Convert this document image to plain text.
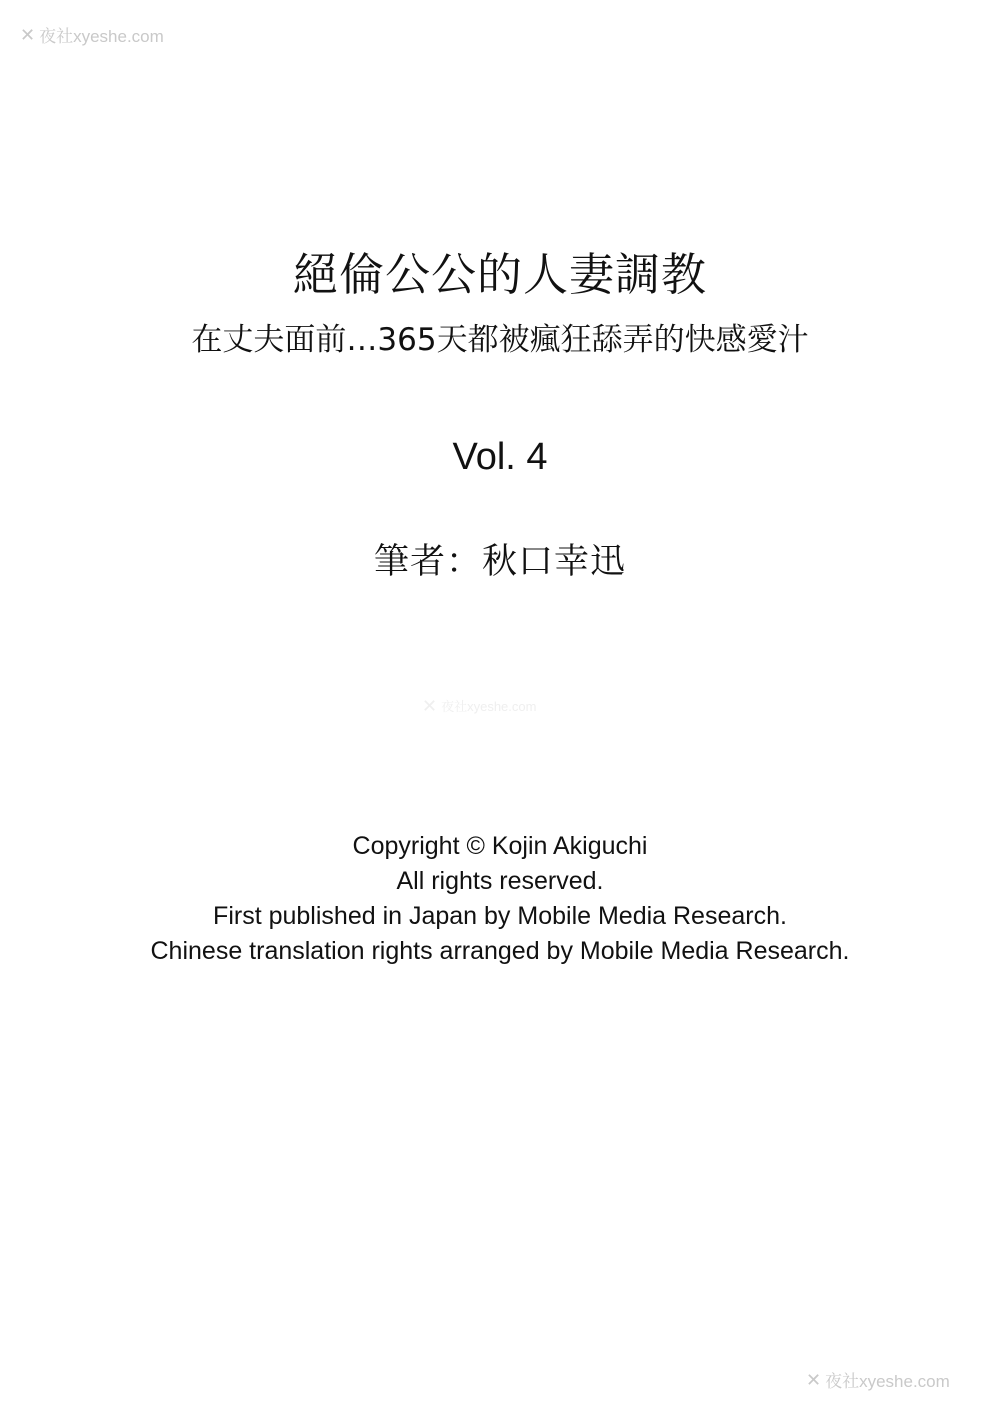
✕ 夜社xyeshe.com
✕ 夜社xyeshe.com
絕倫公公的人妻調教
在丈夫面前…365天都被瘋狂舔弄的快感愛汁
Vol. 4
筆者：秋口幸迅
Copyright © Kojin Akiguchi
All rights reserved.
First published in Japan by Mobile Media Research.
Chinese translation rights arranged by Mobile Media Research.
✕ 夜社xyeshe.com
